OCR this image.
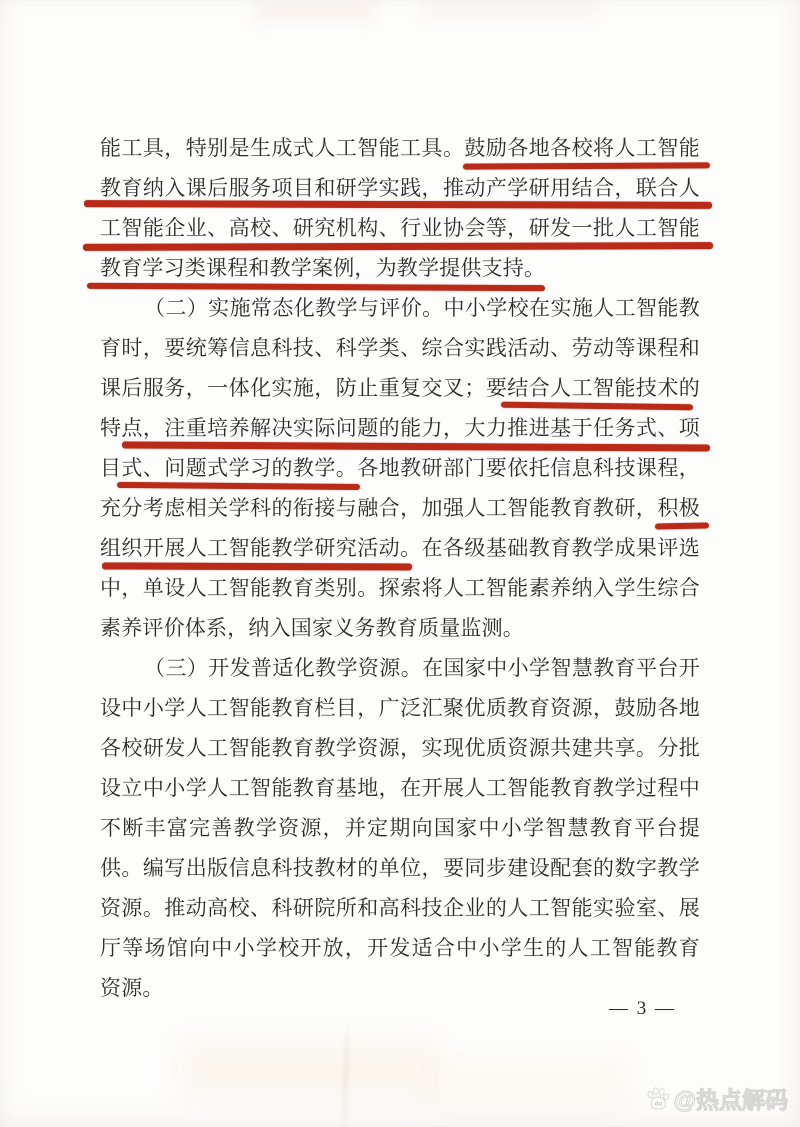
能工具，特别是生成式人工智能工具。鼓励各地各校将人工智能
教育纳入课后服务项目和研学实践，推动产学研用结合，联合人
工智能企业、高校、研究机构、行业协会等，研发一批人工智能
教育学习类课程和教学案例，为教学提供支持。
（二）实施常态化教学与评价。中小学校在实施人工智能教
育时，要统筹信息科技、科学类、综合实践活动、劳动等课程和
课后服务，一体化实施，防止重复交叉；要结合人工智能技术的
特点，注重培养解决实际问题的能力，大力推进基于任务式、项
目式、问题式学习的教学。各地教研部门要依托信息科技课程，
充分考虑相关学科的衔接与融合，加强人工智能教育教研，积极
组织开展人工智能教学研究活动。在各级基础教育教学成果评选
中，单设人工智能教育类别。探索将人工智能素养纳入学生综合
素养评价体系，纳入国家义务教育质量监测。
（三）开发普适化教学资源。在国家中小学智慧教育平台开
设中小学人工智能教育栏目，广泛汇聚优质教育资源，鼓励各地
各校研发人工智能教育教学资源，实现优质资源共建共享。分批
设立中小学人工智能教育基地，在开展人工智能教育教学过程中
不断丰富完善教学资源，并定期向国家中小学智慧教育平台提
供。编写出版信息科技教材的单位，要同步建设配套的数字教学
资源。推动高校、科研院所和高科技企业的人工智能实验室、展
厅等场馆向中小学校开放，开发适合中小学生的人工智能教育
资源。
— 3 —
du @热点解码
